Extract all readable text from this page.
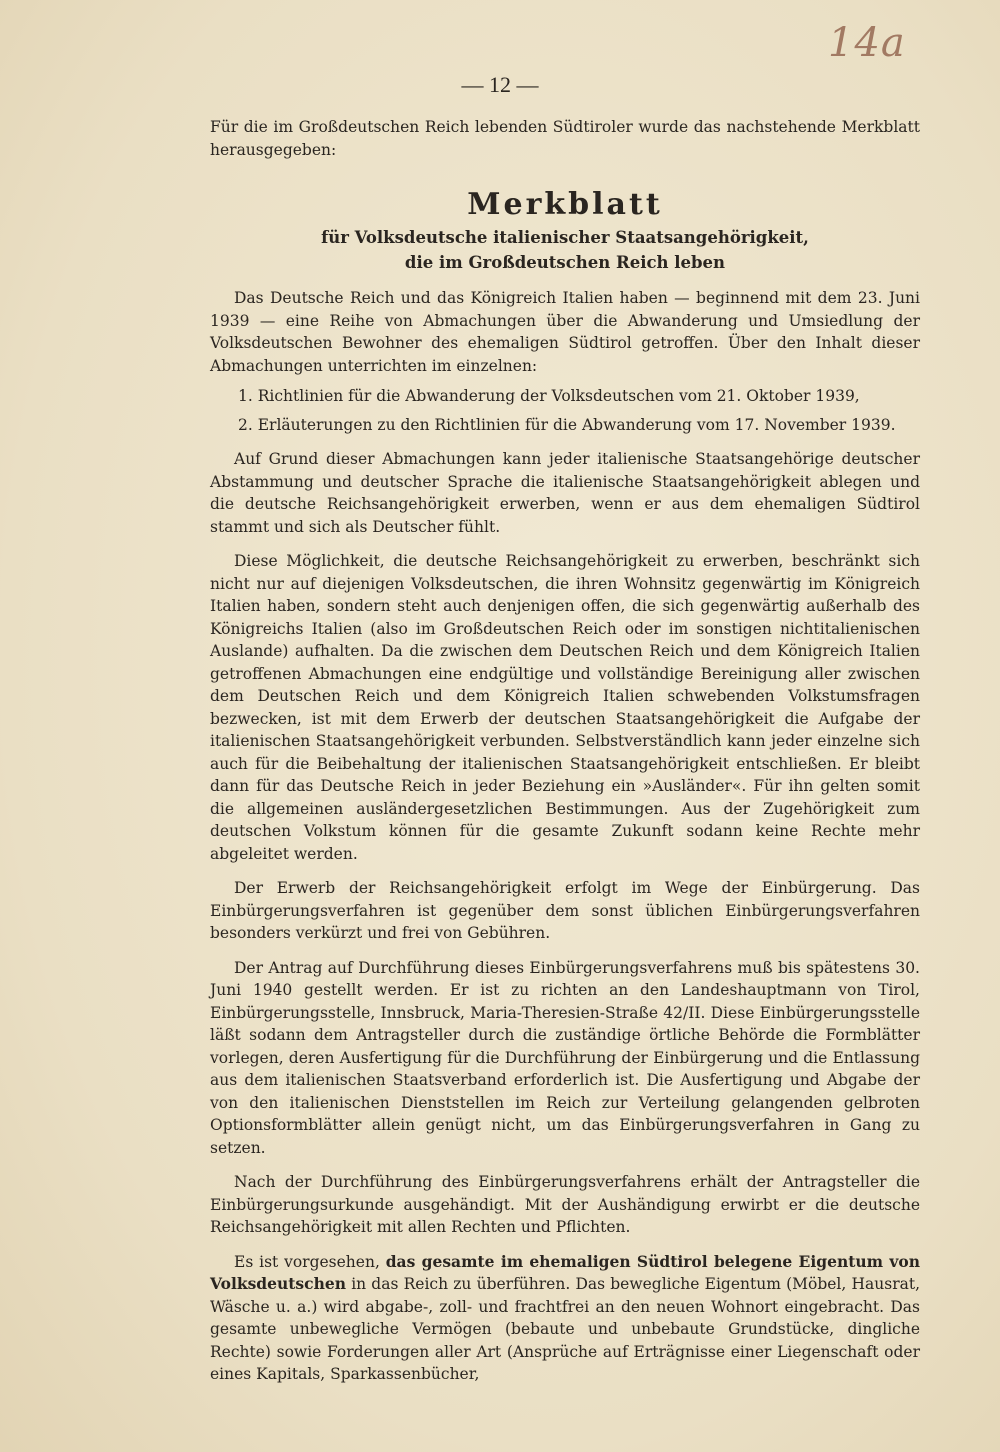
14a
— 12 —

Für die im Großdeutschen Reich lebenden Südtiroler wurde das nachstehende Merkblatt herausgegeben:

Merkblatt
für Volksdeutsche italienischer Staatsangehörigkeit,
die im Großdeutschen Reich leben

Das Deutsche Reich und das Königreich Italien haben — beginnend mit dem 23. Juni 1939 — eine Reihe von Abmachungen über die Abwanderung und Umsiedlung der Volksdeutschen Bewohner des ehemaligen Südtirol getroffen. Über den Inhalt dieser Abmachungen unterrichten im einzelnen:

1. Richtlinien für die Abwanderung der Volksdeutschen vom 21. Oktober 1939,
2. Erläuterungen zu den Richtlinien für die Abwanderung vom 17. November 1939.

Auf Grund dieser Abmachungen kann jeder italienische Staatsangehörige deutscher Abstammung und deutscher Sprache die italienische Staatsangehörigkeit ablegen und die deutsche Reichsangehörigkeit erwerben, wenn er aus dem ehemaligen Südtirol stammt und sich als Deutscher fühlt.

Diese Möglichkeit, die deutsche Reichsangehörigkeit zu erwerben, beschränkt sich nicht nur auf diejenigen Volksdeutschen, die ihren Wohnsitz gegenwärtig im Königreich Italien haben, sondern steht auch denjenigen offen, die sich gegenwärtig außerhalb des Königreichs Italien (also im Großdeutschen Reich oder im sonstigen nichtitalienischen Auslande) aufhalten. Da die zwischen dem Deutschen Reich und dem Königreich Italien getroffenen Abmachungen eine endgültige und vollständige Bereinigung aller zwischen dem Deutschen Reich und dem Königreich Italien schwebenden Volkstumsfragen bezwecken, ist mit dem Erwerb der deutschen Staatsangehörigkeit die Aufgabe der italienischen Staatsangehörigkeit verbunden. Selbstverständlich kann jeder einzelne sich auch für die Beibehaltung der italienischen Staatsangehörigkeit entschließen. Er bleibt dann für das Deutsche Reich in jeder Beziehung ein »Ausländer«. Für ihn gelten somit die allgemeinen ausländergesetzlichen Bestimmungen. Aus der Zugehörigkeit zum deutschen Volkstum können für die gesamte Zukunft sodann keine Rechte mehr abgeleitet werden.

Der Erwerb der Reichsangehörigkeit erfolgt im Wege der Einbürgerung. Das Einbürgerungsverfahren ist gegenüber dem sonst üblichen Einbürgerungsverfahren besonders verkürzt und frei von Gebühren.

Der Antrag auf Durchführung dieses Einbürgerungsverfahrens muß bis spätestens 30. Juni 1940 gestellt werden. Er ist zu richten an den Landeshauptmann von Tirol, Einbürgerungsstelle, Innsbruck, Maria-Theresien-Straße 42/II. Diese Einbürgerungsstelle läßt sodann dem Antragsteller durch die zuständige örtliche Behörde die Formblätter vorlegen, deren Ausfertigung für die Durchführung der Einbürgerung und die Entlassung aus dem italienischen Staatsverband erforderlich ist. Die Ausfertigung und Abgabe der von den italienischen Dienststellen im Reich zur Verteilung gelangenden gelbroten Optionsformblätter allein genügt nicht, um das Einbürgerungsverfahren in Gang zu setzen.

Nach der Durchführung des Einbürgerungsverfahrens erhält der Antragsteller die Einbürgerungsurkunde ausgehändigt. Mit der Aushändigung erwirbt er die deutsche Reichsangehörigkeit mit allen Rechten und Pflichten.

Es ist vorgesehen, das gesamte im ehemaligen Südtirol belegene Eigentum von Volksdeutschen in das Reich zu überführen. Das bewegliche Eigentum (Möbel, Hausrat, Wäsche u. a.) wird abgabe-, zoll- und frachtfrei an den neuen Wohnort eingebracht. Das gesamte unbewegliche Vermögen (bebaute und unbebaute Grundstücke, dingliche Rechte) sowie Forderungen aller Art (Ansprüche auf Erträgnisse einer Liegenschaft oder eines Kapitals, Sparkassenbücher,
